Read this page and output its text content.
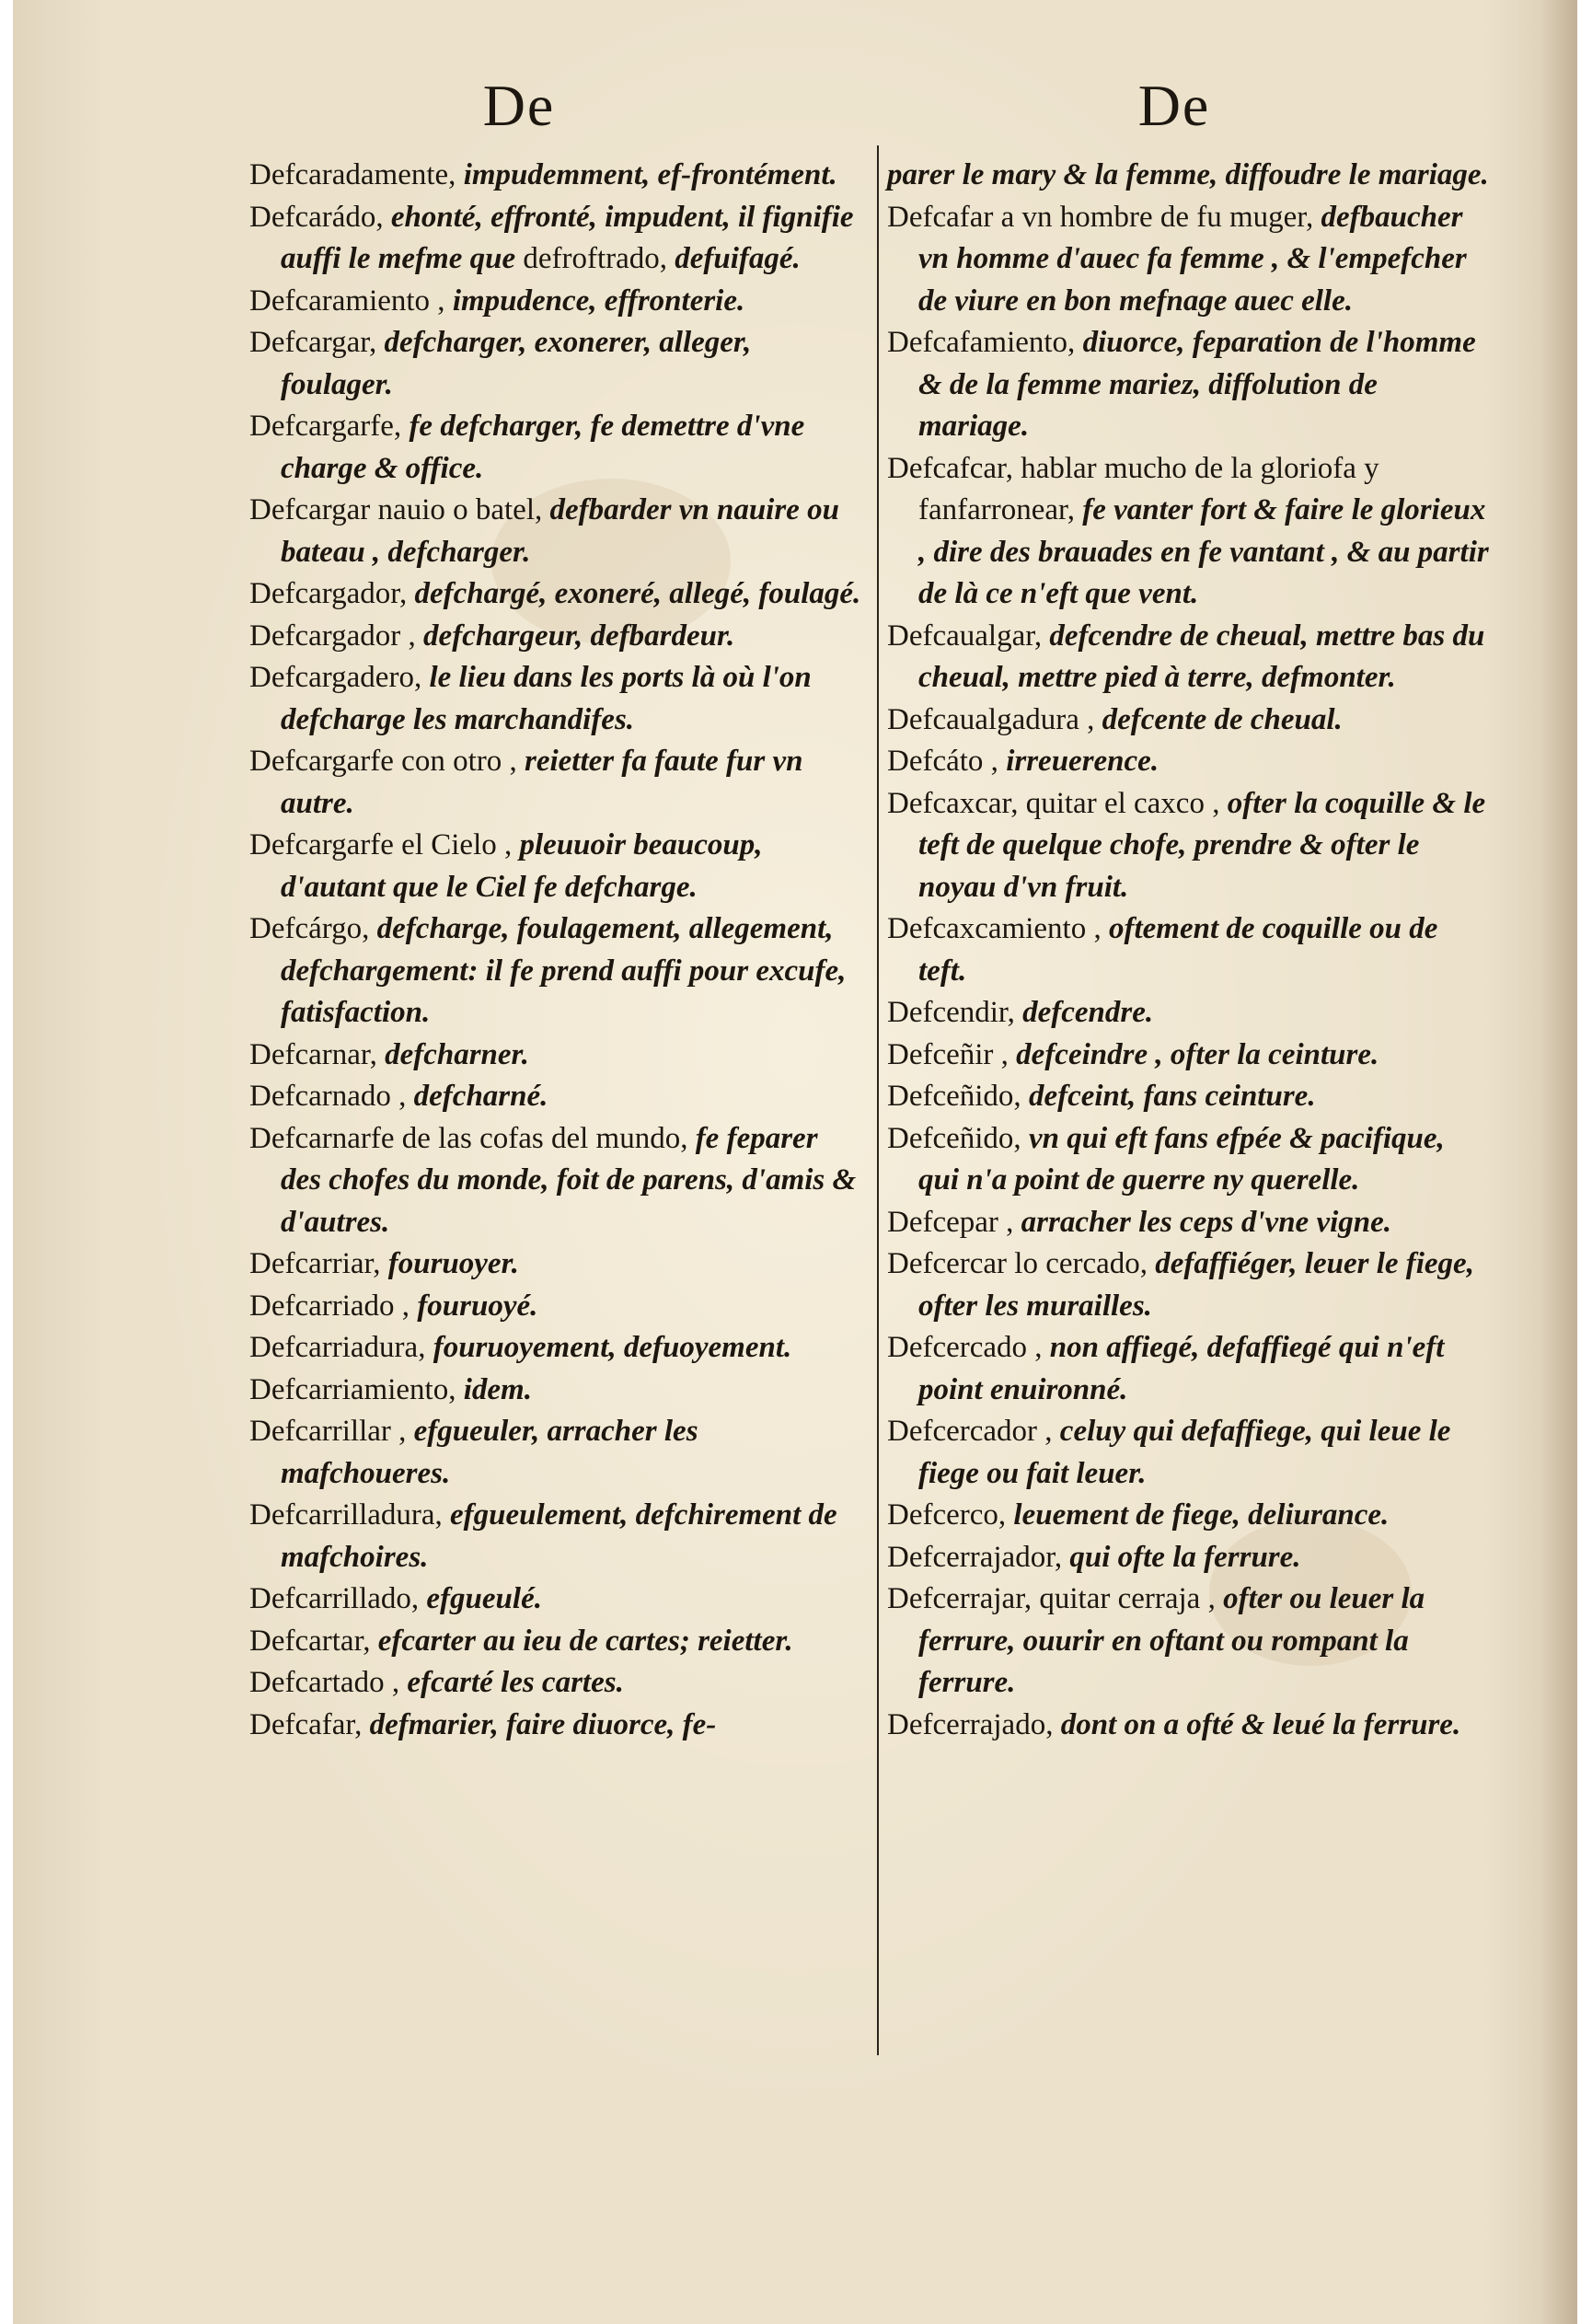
De	De

Defcaradamente, impudemment, ef-frontément.

Defcarádo, ehonté, effronté, impudent, il fignifie auffi le mefme que defroftrado, defuifagé.

Defcaramiento , impudence, effronterie.

Defcargar, defcharger, exonerer, alleger, foulager.

Defcargarfe, fe defcharger, fe demettre d'vne charge & office.

Defcargar nauio o batel, defbarder vn nauire ou bateau , defcharger.

Defcargador, defchargé, exoneré, allegé, foulagé.

Defcargador , defchargeur, defbardeur.

Defcargadero, le lieu dans les ports là où l'on defcharge les marchandifes.

Defcargarfe con otro , reietter fa faute fur vn autre.

Defcargarfe el Cielo , pleuuoir beaucoup, d'autant que le Ciel fe defcharge.

Defcárgo, defcharge, foulagement, allegement, defchargement: il fe prend auffi pour excufe, fatisfaction.

Defcarnar, defcharner.

Defcarnado , defcharné.

Defcarnarfe de las cofas del mundo, fe feparer des chofes du monde, foit de parens, d'amis & d'autres.

Defcarriar, fouruoyer.

Defcarriado , fouruoyé.

Defcarriadura, fouruoyement, defuoyement.

Defcarriamiento, idem.

Defcarrillar , efgueuler, arracher les mafchoueres.

Defcarrilladura, efgueulement, defchirement de mafchoires.

Defcarrillado, efgueulé.

Defcartar, efcarter au ieu de cartes; reietter.

Defcartado , efcarté les cartes.

Defcafar, defmarier, faire diuorce, fe-

parer le mary & la femme, diffoudre le mariage.

Defcafar a vn hombre de fu muger, defbaucher vn homme d'auec fa femme , & l'empefcher de viure en bon mefnage auec elle.

Defcafamiento, diuorce, feparation de l'homme & de la femme mariez, diffolution de mariage.

Defcafcar, hablar mucho de la gloriofa y fanfarronear, fe vanter fort & faire le glorieux , dire des brauades en fe vantant , & au partir de là ce n'eft que vent.

Defcaualgar, defcendre de cheual, mettre bas du cheual, mettre pied à terre, defmonter.

Defcaualgadura , defcente de cheual.

Defcáto , irreuerence.

Defcaxcar, quitar el caxco , ofter la coquille & le teft de quelque chofe, prendre & ofter le noyau d'vn fruit.

Defcaxcamiento , oftement de coquille ou de teft.

Defcendir, defcendre.

Defceñir , defceindre , ofter la ceinture.

Defceñido, defceint, fans ceinture.

Defceñido, vn qui eft fans efpée & pacifique, qui n'a point de guerre ny querelle.

Defcepar , arracher les ceps d'vne vigne.

Defcercar lo cercado, defaffiéger, leuer le fiege, ofter les murailles.

Defcercado , non affiegé, defaffiegé qui n'eft point enuironné.

Defcercador , celuy qui defaffiege, qui leue le fiege ou fait leuer.

Defcerco, leuement de fiege, deliurance.

Defcerrajador, qui ofte la ferrure.

Defcerrajar, quitar cerraja , ofter ou leuer la ferrure, ouurir en oftant ou rompant la ferrure.

Defcerrajado, dont on a ofté & leué la ferrure.
